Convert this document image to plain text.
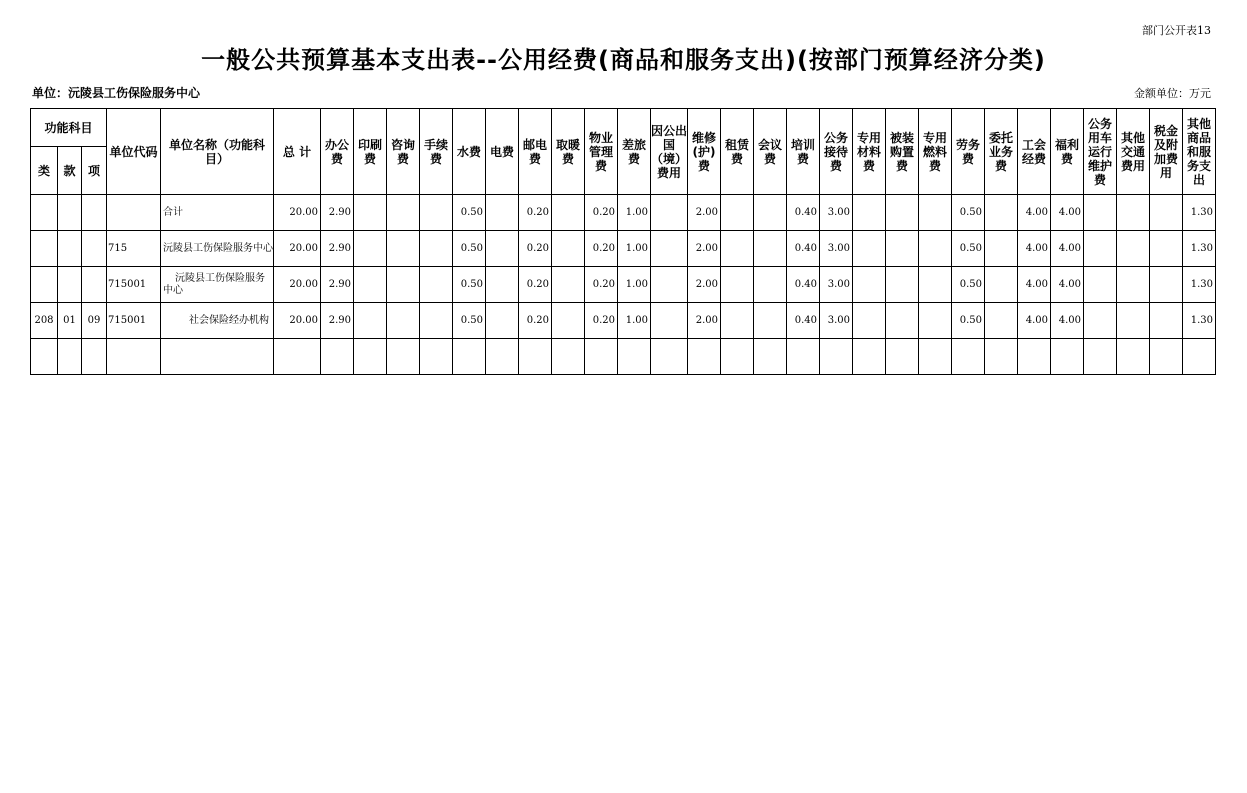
部门公开表13
一般公共预算基本支出表--公用经费(商品和服务支出)(按部门预算经济分类)
单位：沅陵县工伤保险服务中心	金额单位：万元
功能科目			单位代码	单位名称（功能科目）	总 计	办公费	印刷费	咨询费	手续费	水费	电费	邮电费	取暖费	物业管理费	差旅费	因公出国（境）费用	维修(护)费	租赁费	会议费	培训费	公务接待费	专用材料费	被装购置费	专用燃料费	劳务费	委托业务费	工会经费	福利费	公务用车运行维护费	其他交通费用	税金及附加费用	其他商品和服务支出
类	款	项																														
				合计	20.00	2.90				0.50		0.20		0.20	1.00		2.00			0.40	3.00				0.50		4.00	4.00				1.30
			715	沅陵县工伤保险服务中心	20.00	2.90				0.50		0.20		0.20	1.00		2.00			0.40	3.00				0.50		4.00	4.00				1.30
			715001	沅陵县工伤保险服务中心	20.00	2.90				0.50		0.20		0.20	1.00		2.00			0.40	3.00				0.50		4.00	4.00				1.30
208	01	09	715001	社会保险经办机构	20.00	2.90				0.50		0.20		0.20	1.00		2.00			0.40	3.00				0.50		4.00	4.00				1.30
